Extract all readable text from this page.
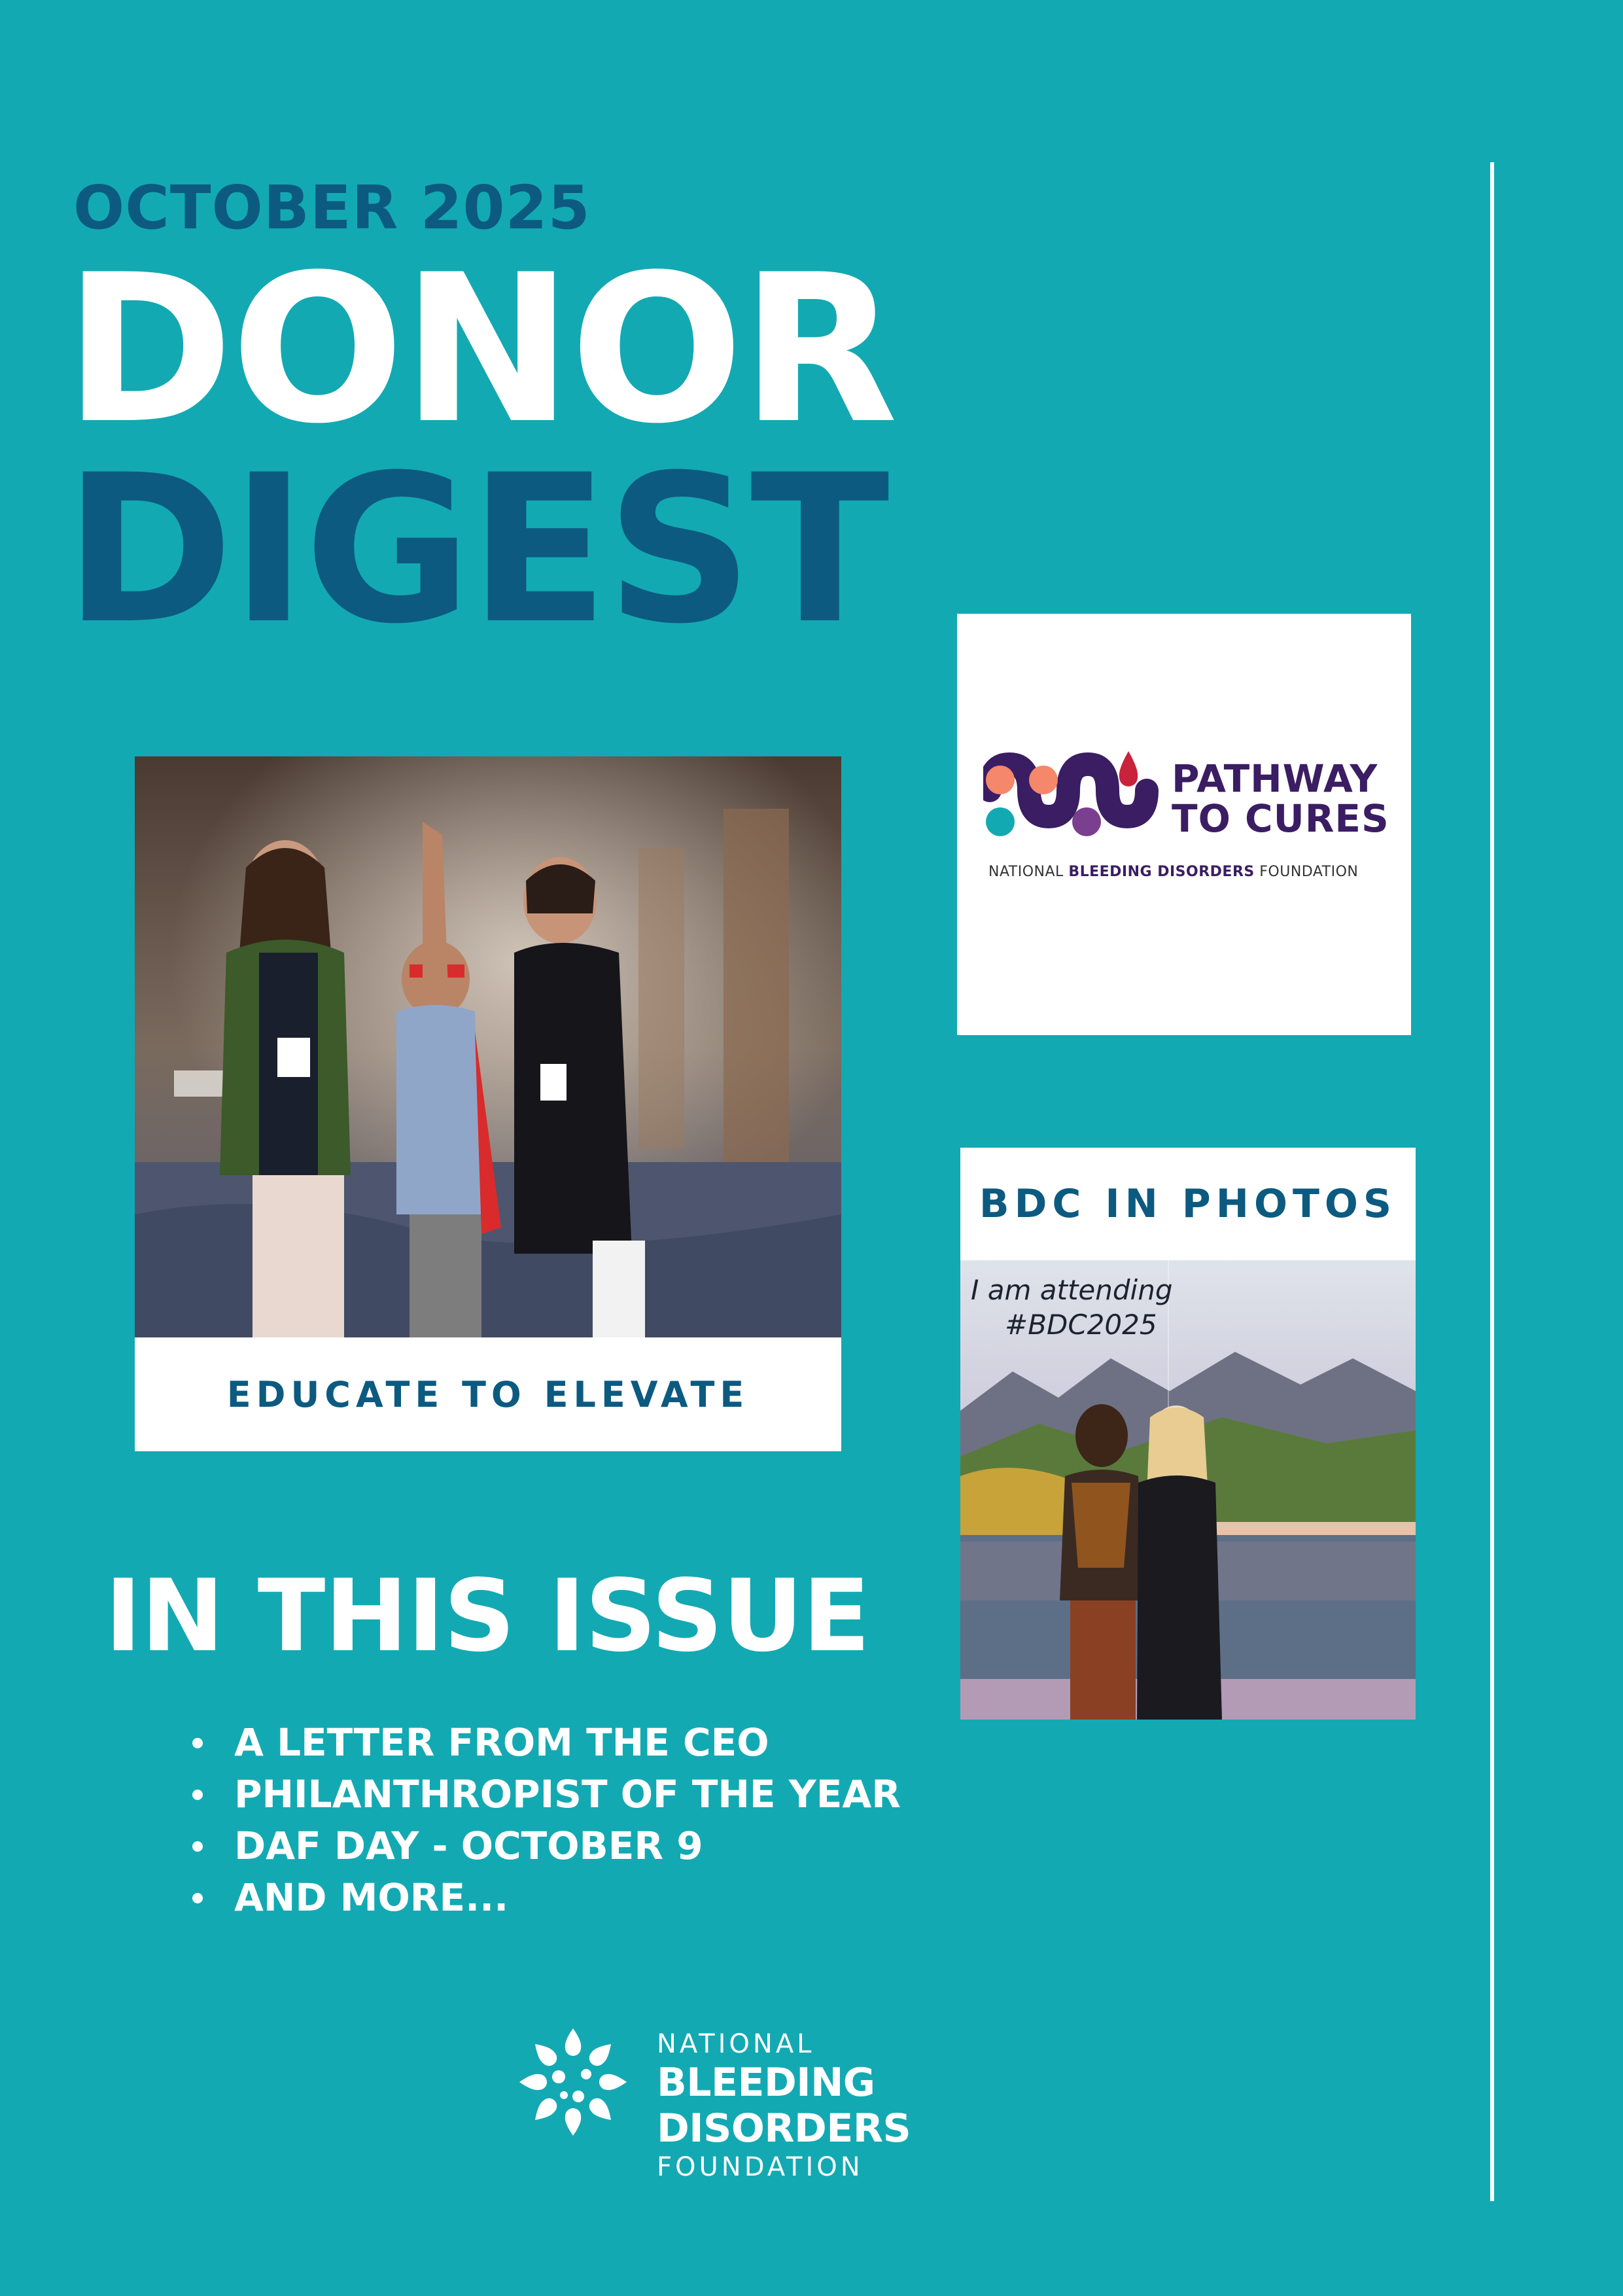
OCTOBER 2025
DONOR
DIGEST
EDUCATE TO ELEVATE
PATHWAY
TO CURES
NATIONAL BLEEDING DISORDERS FOUNDATION
BDC IN PHOTOS
I am attending
#BDC2025
IN THIS ISSUE
A LETTER FROM THE CEO
PHILANTHROPIST OF THE YEAR
DAF DAY - OCTOBER 9
AND MORE...
NATIONAL
BLEEDING DISORDERS
FOUNDATION
